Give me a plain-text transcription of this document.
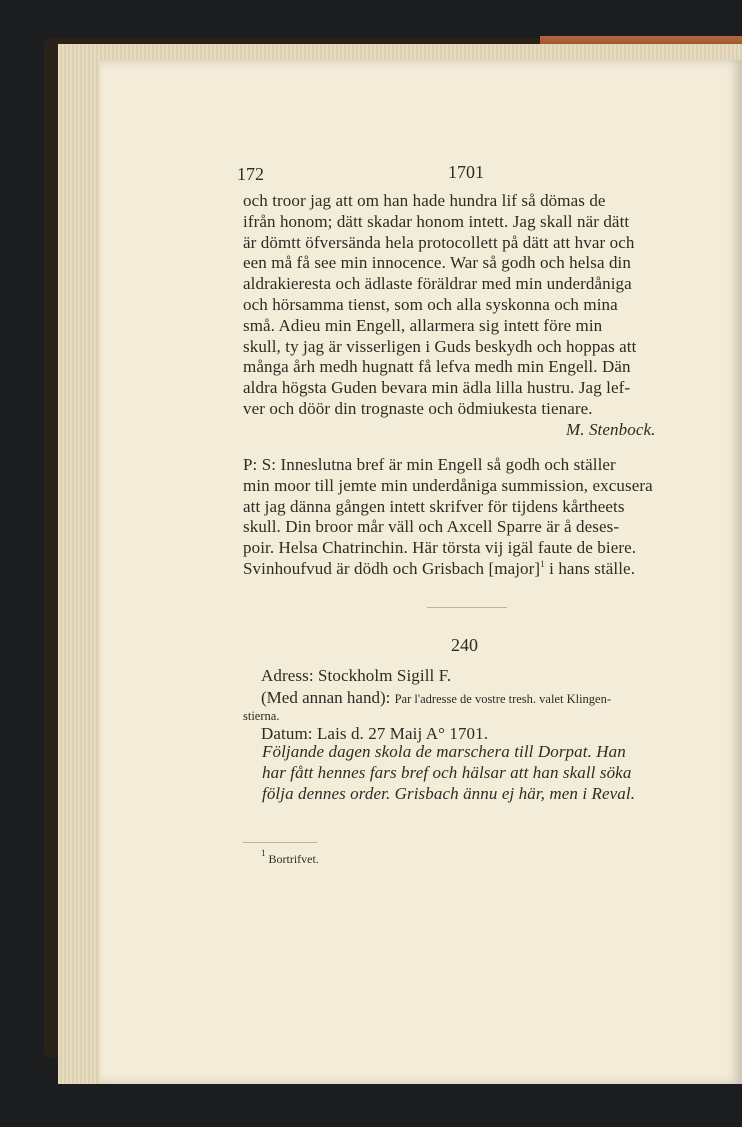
172	1701
och troor jag att om han hade hundra lif så dömas de
ifrån honom; dätt skadar honom intett. Jag skall när dätt
är dömtt öfversända hela protocollett på dätt att hvar och
een må få see min innocence. War så godh och helsa din
aldrakieresta och ädlaste föräldrar med min underdåniga
och hörsamma tienst, som och alla syskonna och mina
små. Adieu min Engell, allarmera sig intett före min
skull, ty jag är visserligen i Guds beskydh och hoppas att
många årh medh hugnatt få lefva medh min Engell. Dän
aldra högsta Guden bevara min ädla lilla hustru. Jag lef-
ver och döör din trognaste och ödmiukesta tienare.
M. Stenbock.
P: S: Inneslutna bref är min Engell så godh och ställer
min moor till jemte min underdåniga summission, excusera
att jag dänna gången intett skrifver för tijdens kårtheets
skull. Din broor mår väll och Axcell Sparre är å deses-
poir. Helsa Chatrinchin. Här törsta vij igäl faute de biere.
Svinhoufvud är dödh och Grisbach [major]$^1$ i hans ställe.
240
Adress: Stockholm Sigill F.
(Med annan hand): Par l'adresse de vostre tresh. valet Klingen-
stierna.
Datum: Lais d. 27 Maij A° 1701.
Följande dagen skola de marschera till Dorpat. Han
har fått hennes fars bref och hälsar att han skall söka
följa dennes order. Grisbach ännu ej här, men i Reval.
$^1$ Bortrifvet.
